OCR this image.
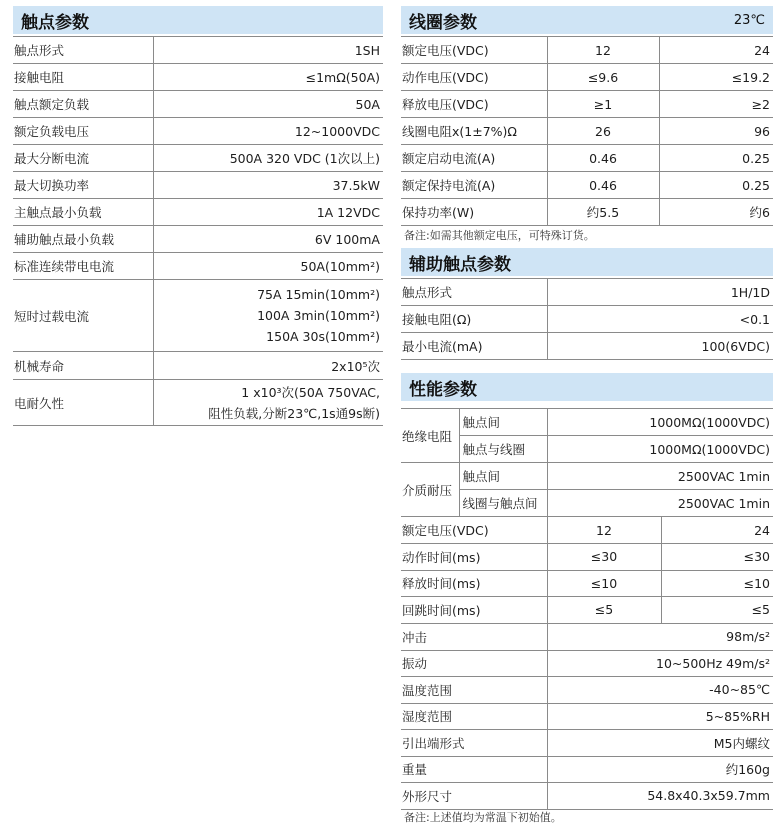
触点参数
触点形式	1SH
接触电阻	≤1mΩ(50A)
触点额定负载	50A
额定负载电压	12~1000VDC
最大分断电流	500A 320 VDC (1次以上)
最大切换功率	37.5kW
主触点最小负载	1A 12VDC
辅助触点最小负载	6V 100mA
标准连续带电电流	50A(10mm²)
短时过载电流	75A 15min(10mm²)
100A 3min(10mm²)
150A 30s(10mm²)

机械寿命	2x10⁵次
电耐久性	1 x10³次(50A 750VAC,
阻性负载,分断23℃,1s通9s断)
线圈参数	23℃
额定电压(VDC)	12	24
动作电压(VDC)	≤9.6	≤19.2
释放电压(VDC)	≥1	≥2
线圈电阻x(1±7%)Ω	26	96
额定启动电流(A)	0.46	0.25
额定保持电流(A)	0.46	0.25
保持功率(W)	约5.5	约6
备注:如需其他额定电压，可特殊订货。
辅助触点参数
触点形式	1H/1D
接触电阻(Ω)	<0.1
最小电流(mA)	100(6VDC)
性能参数
绝缘电阻	触点间	1000MΩ(1000VDC)
	触点与线圈	1000MΩ(1000VDC)
介质耐压	触点间	2500VAC 1min
	线圈与触点间	2500VAC 1min
额定电压(VDC)	12	24
动作时间(ms)	≤30	≤30
释放时间(ms)	≤10	≤10
回跳时间(ms)	≤5	≤5
冲击	98m/s²
振动	10~500Hz 49m/s²
温度范围	-40~85℃
湿度范围	5~85%RH
引出端形式	M5内螺纹
重量	约160g
外形尺寸	54.8x40.3x59.7mm
备注:上述值均为常温下初始值。
